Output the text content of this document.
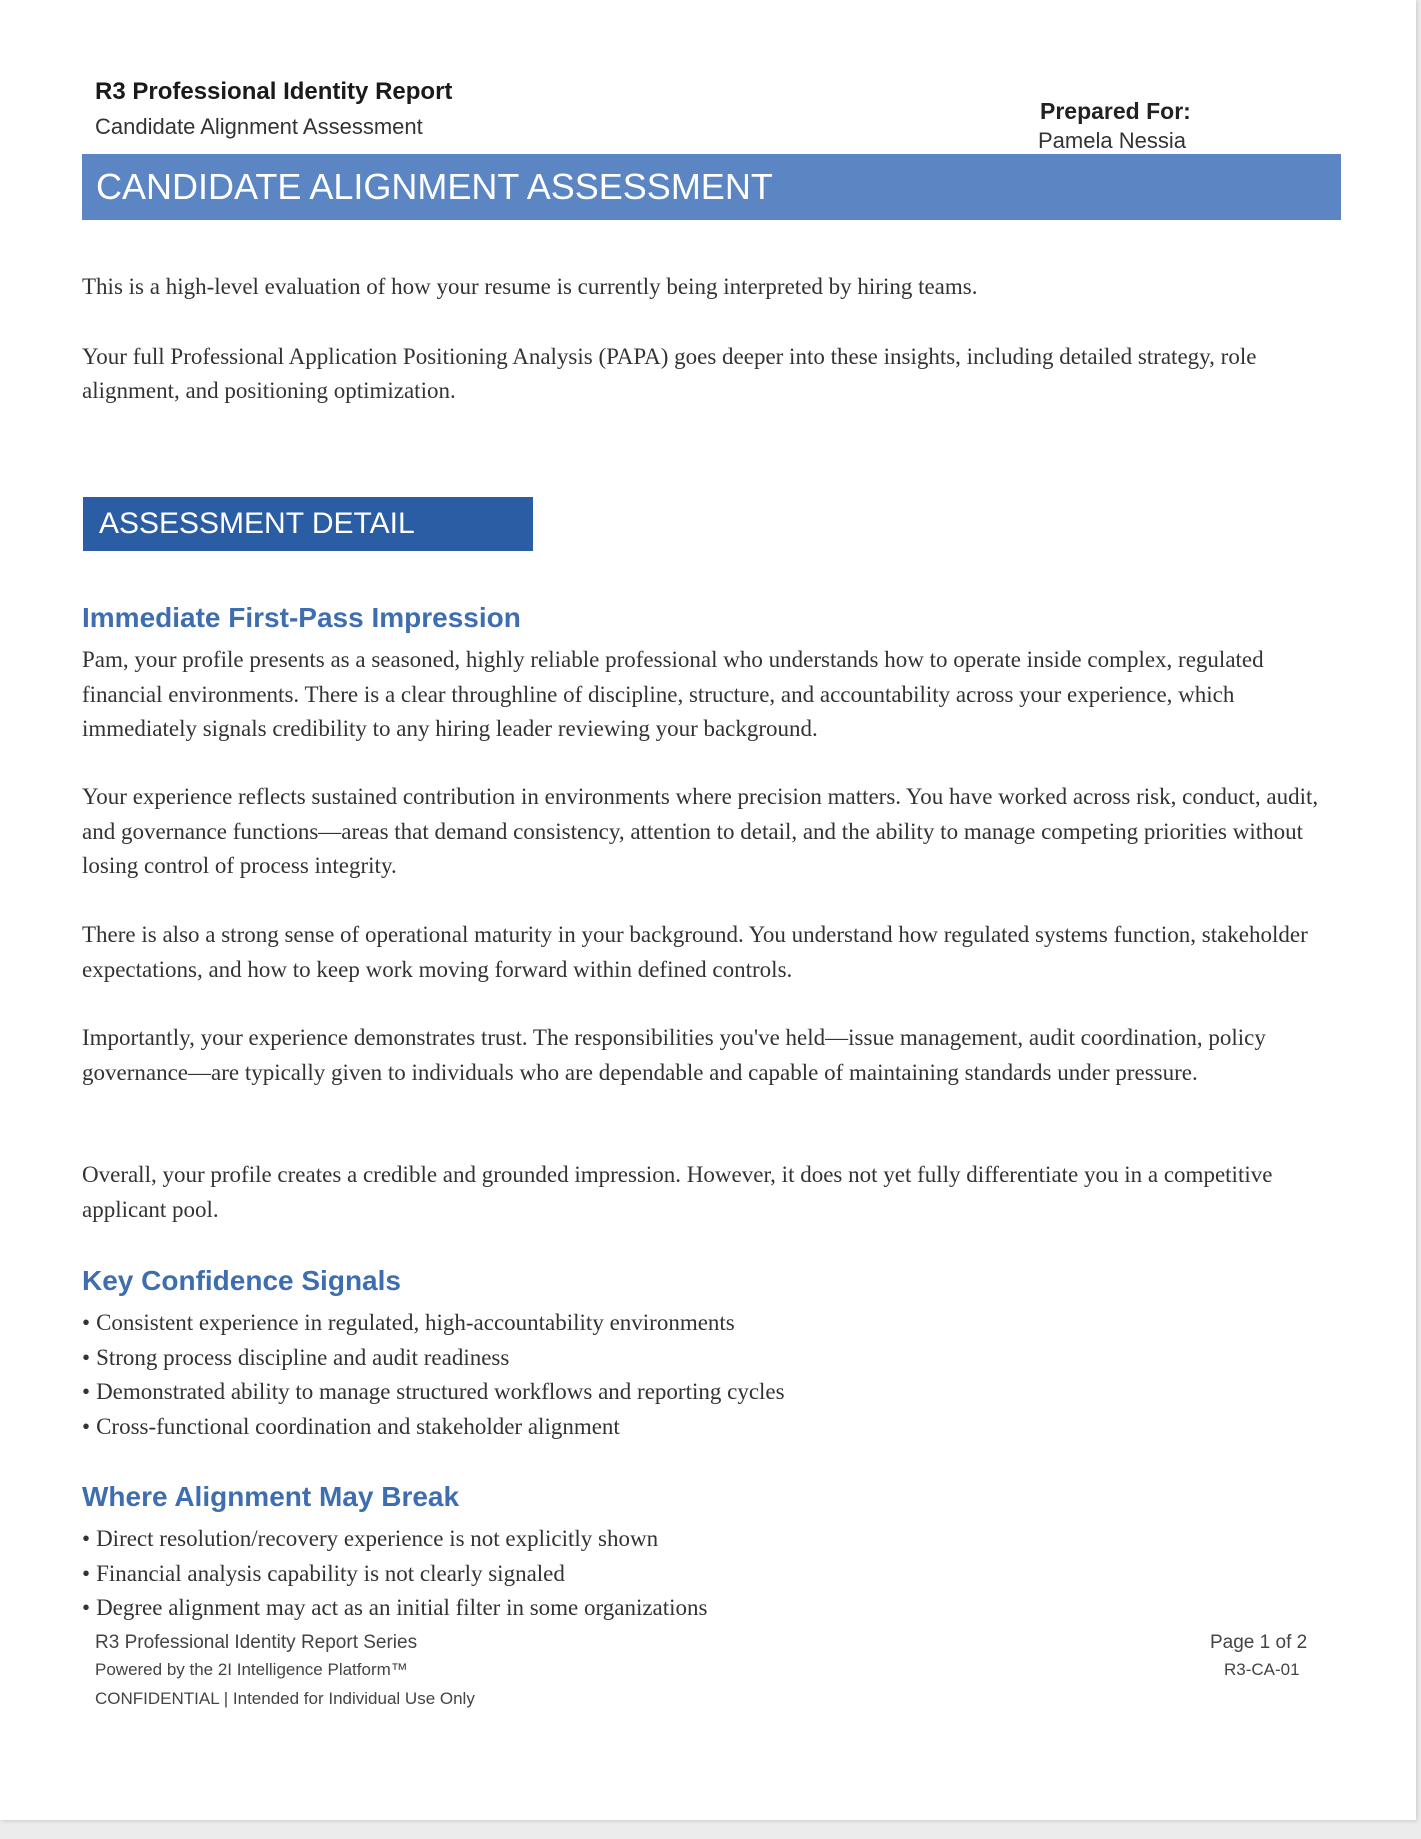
R3 Professional Identity Report
Candidate Alignment Assessment
Prepared For:
Pamela Nessia
CANDIDATE ALIGNMENT ASSESSMENT

This is a high-level evaluation of how your resume is currently being interpreted by hiring teams.

Your full Professional Application Positioning Analysis (PAPA) goes deeper into these insights, including detailed strategy, role alignment, and positioning optimization.

ASSESSMENT DETAIL
Immediate First-Pass Impression

Pam, your profile presents as a seasoned, highly reliable professional who understands how to operate inside complex, regulated financial environments. There is a clear throughline of discipline, structure, and accountability across your experience, which immediately signals credibility to any hiring leader reviewing your background.

Your experience reflects sustained contribution in environments where precision matters. You have worked across risk, conduct, audit, and governance functions—areas that demand consistency, attention to detail, and the ability to manage competing priorities without losing control of process integrity.

There is also a strong sense of operational maturity in your background. You understand how regulated systems function, stakeholder expectations, and how to keep work moving forward within defined controls.

Importantly, your experience demonstrates trust. The responsibilities you've held—issue management, audit coordination, policy governance—are typically given to individuals who are dependable and capable of maintaining standards under pressure.

Overall, your profile creates a credible and grounded impression. However, it does not yet fully differentiate you in a competitive applicant pool.

Key Confidence Signals
• Consistent experience in regulated, high-accountability environments
• Strong process discipline and audit readiness
• Demonstrated ability to manage structured workflows and reporting cycles
• Cross-functional coordination and stakeholder alignment
Where Alignment May Break
• Direct resolution/recovery experience is not explicitly shown
• Financial analysis capability is not clearly signaled
• Degree alignment may act as an initial filter in some organizations
R3 Professional Identity Report Series
Powered by the 2I Intelligence Platform™
CONFIDENTIAL | Intended for Individual Use Only
Page 1 of 2
R3-CA-01
